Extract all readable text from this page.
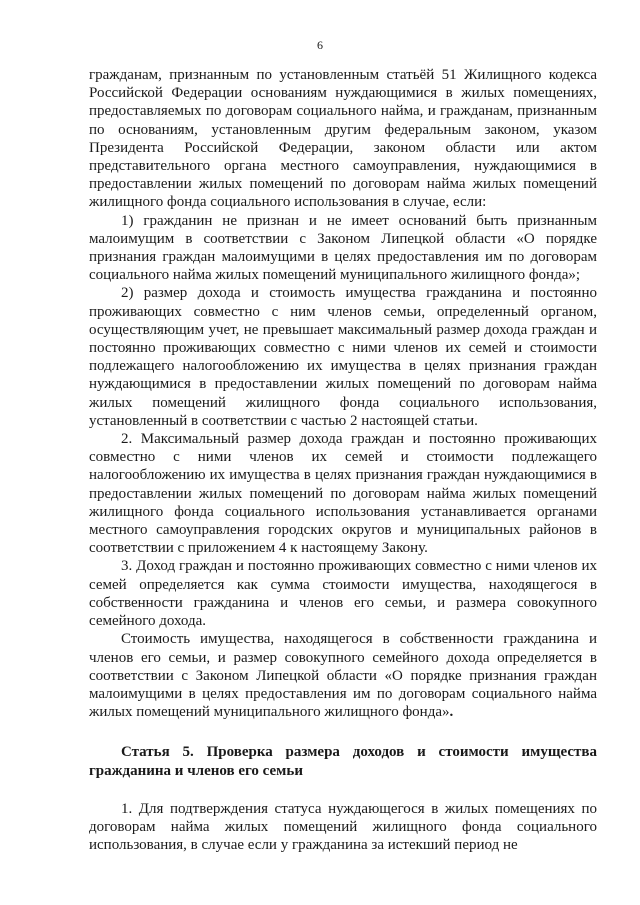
6

гражданам, признанным по установленным статьёй 51 Жилищного кодекса Российской Федерации основаниям нуждающимися в жилых помещениях, предоставляемых по договорам социального найма, и гражданам, признанным по основаниям, установленным другим федеральным законом, указом Президента Российской Федерации, законом области или актом представительного органа местного самоуправления, нуждающимися в предоставлении жилых помещений по договорам найма жилых помещений жилищного фонда социального использования в случае, если:

1) гражданин не признан и не имеет оснований быть признанным малоимущим в соответствии с Законом Липецкой области «О порядке признания граждан малоимущими в целях предоставления им по договорам социального найма жилых помещений муниципального жилищного фонда»;

2) размер дохода и стоимость имущества гражданина и постоянно проживающих совместно с ним членов семьи, определенный органом, осуществляющим учет, не превышает максимальный размер дохода граждан и постоянно проживающих совместно с ними членов их семей и стоимости подлежащего налогообложению их имущества в целях признания граждан нуждающимися в предоставлении жилых помещений по договорам найма жилых помещений жилищного фонда социального использования, установленный в соответствии с частью 2 настоящей статьи.

2. Максимальный размер дохода граждан и постоянно проживающих совместно с ними членов их семей и стоимости подлежащего налогообложению их имущества в целях признания граждан нуждающимися в предоставлении жилых помещений по договорам найма жилых помещений жилищного фонда социального использования устанавливается органами местного самоуправления городских округов и муниципальных районов в соответствии с приложением 4 к настоящему Закону.

3. Доход граждан и постоянно проживающих совместно с ними членов их семей определяется как сумма стоимости имущества, находящегося в собственности гражданина и членов его семьи, и размера совокупного семейного дохода.

Стоимость имущества, находящегося в собственности гражданина и членов его семьи, и размер совокупного семейного дохода определяется в соответствии с Законом Липецкой области «О порядке признания граждан малоимущими в целях предоставления им по договорам социального найма жилых помещений муниципального жилищного фонда».

Статья 5. Проверка размера доходов и стоимости имущества гражданина и членов его семьи

1. Для подтверждения статуса нуждающегося в жилых помещениях по договорам найма жилых помещений жилищного фонда социального использования, в случае если у гражданина за истекший период не
